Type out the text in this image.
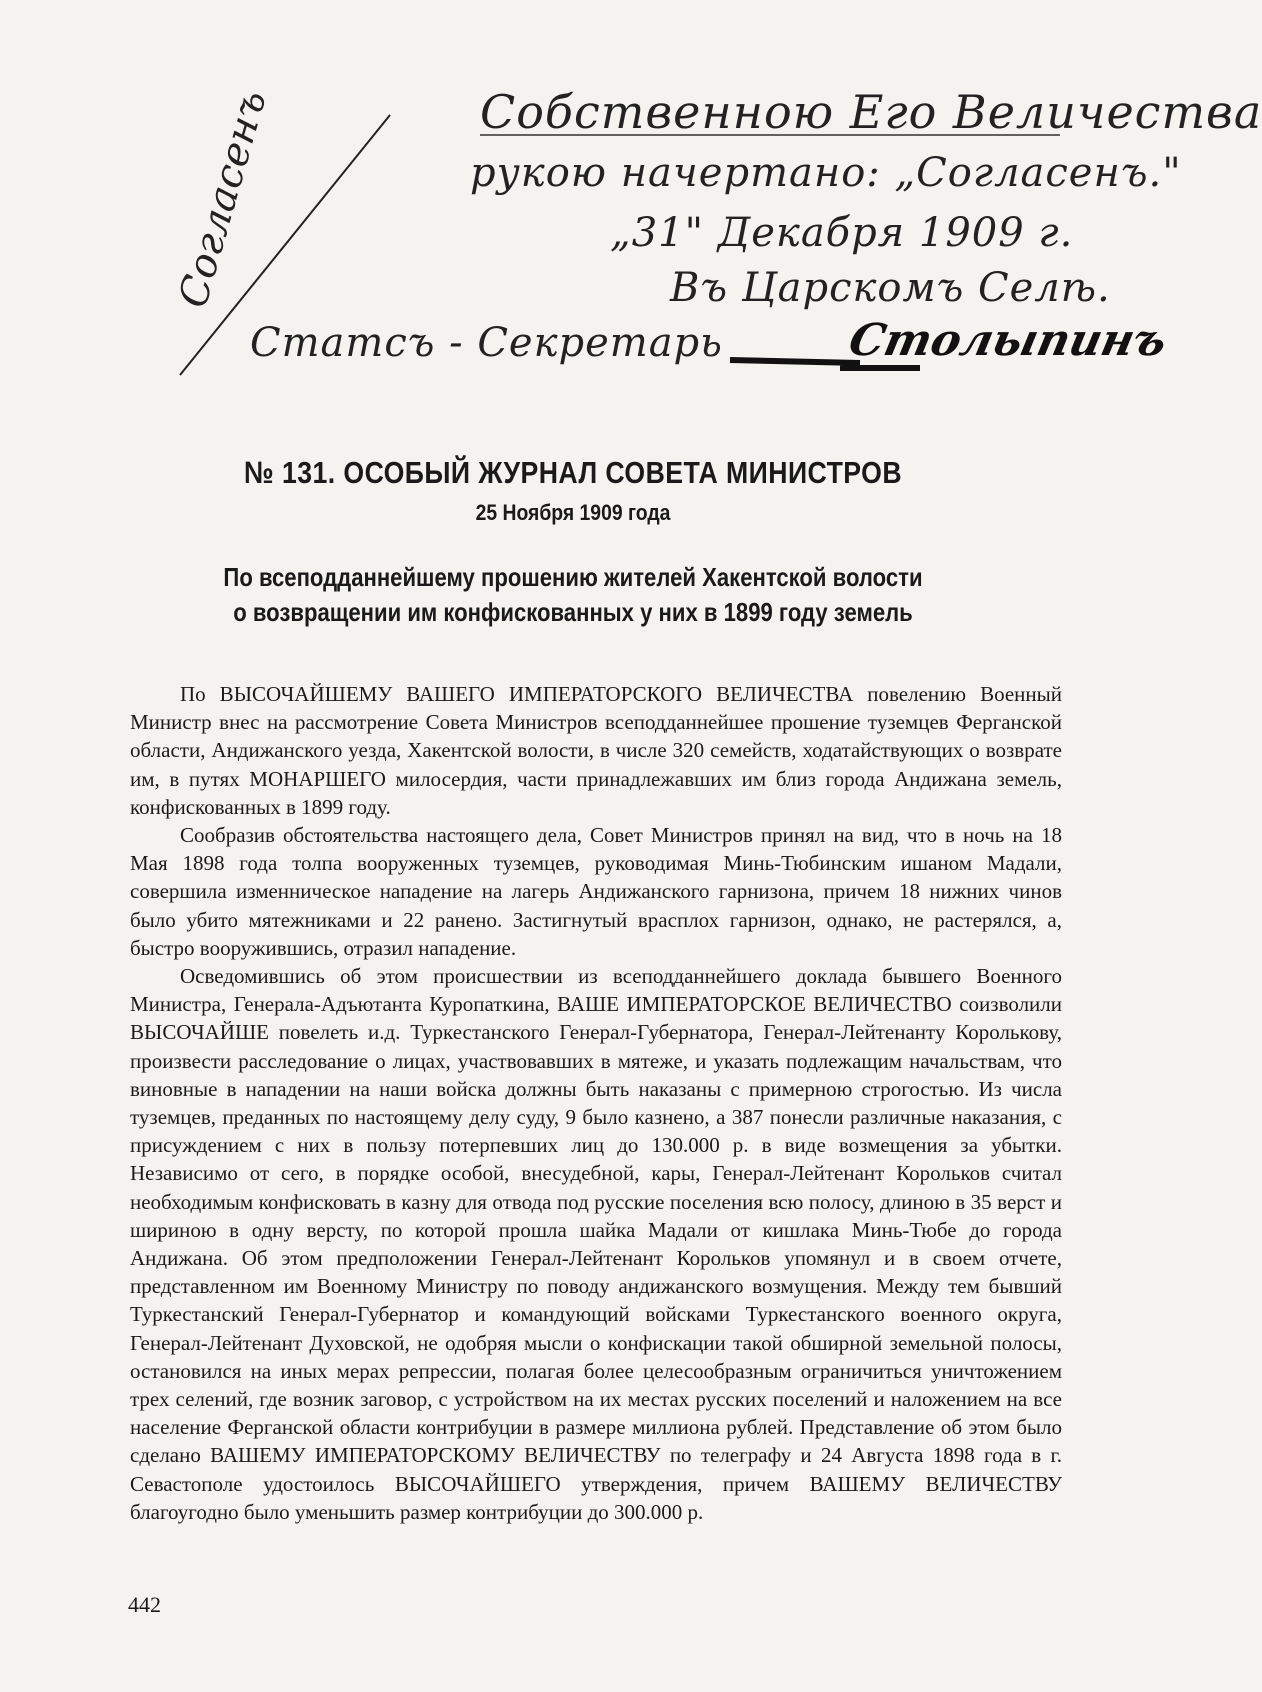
Собственною Его Величества
рукою начертано: „Согласенъ."
„31" Декабря 1909 г.
Въ Царскомъ Селѣ.
Статсъ - Секретарь	Столыпинъ
Согласенъ
№ 131. ОСОБЫЙ ЖУРНАЛ СОВЕТА МИНИСТРОВ
25 Ноября 1909 года
По всеподданнейшему прошению жителей Хакентской волости
о возвращении им конфискованных у них в 1899 году земель

По ВЫСОЧАЙШЕМУ ВАШЕГО ИМПЕРАТОРСКОГО ВЕЛИЧЕСТВА повелению Военный Министр внес на рассмотрение Совета Министров всеподданнейшее прошение туземцев Ферганской области, Андижанского уезда, Хакентской волости, в числе 320 семейств, ходатайствующих о возврате им, в путях МОНАРШЕГО милосердия, части принадлежавших им близ города Андижана земель, конфискованных в 1899 году.

Сообразив обстоятельства настоящего дела, Совет Министров принял на вид, что в ночь на 18 Мая 1898 года толпа вооруженных туземцев, руководимая Минь-Тюбинским ишаном Мадали, совершила изменническое нападение на лагерь Андижанского гарнизона, причем 18 нижних чинов было убито мятежниками и 22 ранено. Застигнутый врасплох гарнизон, однако, не растерялся, а, быстро вооружившись, отразил нападение.

Осведомившись об этом происшествии из всеподданнейшего доклада бывшего Военного Министра, Генерала-Адъютанта Куропаткина, ВАШЕ ИМПЕРАТОРСКОЕ ВЕЛИЧЕСТВО соизволили ВЫСОЧАЙШЕ повелеть и.д. Туркестанского Генерал-Губернатора, Генерал-Лейтенанту Королькову, произвести расследование о лицах, участвовавших в мятеже, и указать подлежащим начальствам, что виновные в нападении на наши войска должны быть наказаны с примерною строгостью. Из числа туземцев, преданных по настоящему делу суду, 9 было казнено, а 387 понесли различные наказания, с присуждением с них в пользу потерпевших лиц до 130.000 р. в виде возмещения за убытки. Независимо от сего, в порядке особой, внесудебной, кары, Генерал-Лейтенант Корольков считал необходимым конфисковать в казну для отвода под русские поселения всю полосу, длиною в 35 верст и шириною в одну версту, по которой прошла шайка Мадали от кишлака Минь-Тюбе до города Андижана. Об этом предположении Генерал-Лейтенант Корольков упомянул и в своем отчете, представленном им Военному Министру по поводу андижанского возмущения. Между тем бывший Туркестанский Генерал-Губернатор и командующий войсками Туркестанского военного округа, Генерал-Лейтенант Духовской, не одобряя мысли о конфискации такой обширной земельной полосы, остановился на иных мерах репрессии, полагая более целесообразным ограничиться уничтожением трех селений, где возник заговор, с устройством на их местах русских поселений и наложением на все население Ферганской области контрибуции в размере миллиона рублей. Представление об этом было сделано ВАШЕМУ ИМПЕРАТОРСКОМУ ВЕЛИЧЕСТВУ по телеграфу и 24 Августа 1898 года в г. Севастополе удостоилось ВЫСОЧАЙШЕГО утверждения, причем ВАШЕМУ ВЕЛИЧЕСТВУ благоугодно было уменьшить размер контрибуции до 300.000 р.

442
